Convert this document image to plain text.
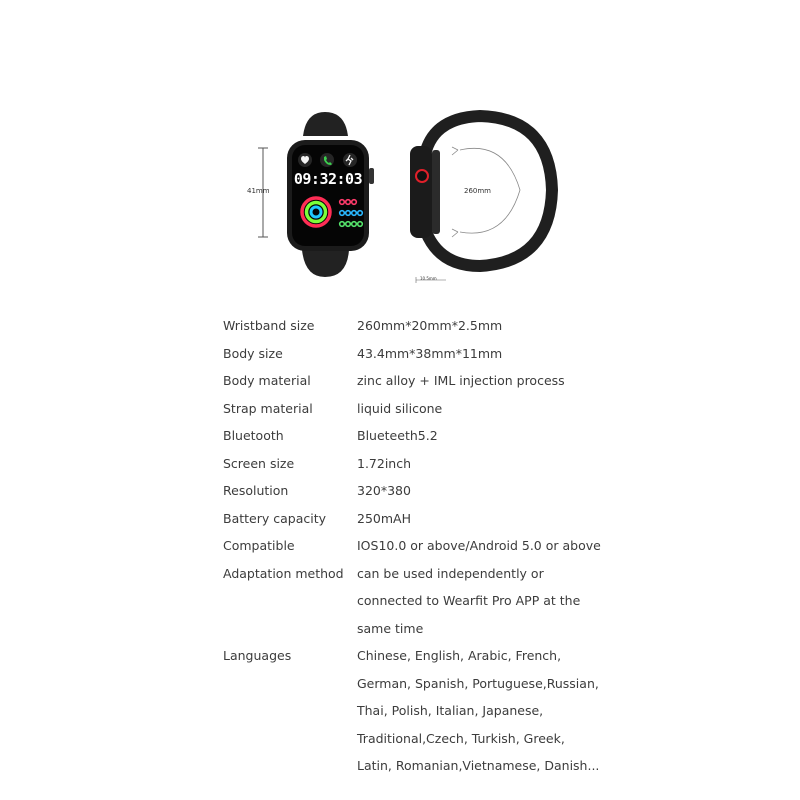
41mm	260mm
10.5mm
09:32:03
Wristband size	260mm*20mm*2.5mm
Body size	43.4mm*38mm*11mm
Body material	zinc alloy + IML injection process
Strap material	liquid silicone
Bluetooth	Blueteeth5.2
Screen size	1.72inch
Resolution	320*380
Battery capacity	250mAH
Compatible	IOS10.0 or above/Android 5.0 or above
Adaptation method	can be used independently or
connected to Wearfit Pro APP at the
same time
Languages	Chinese, English, Arabic, French,
German, Spanish, Portuguese,Russian,
Thai, Polish, Italian, Japanese,
Traditional,Czech, Turkish, Greek,
Latin, Romanian,Vietnamese, Danish...
